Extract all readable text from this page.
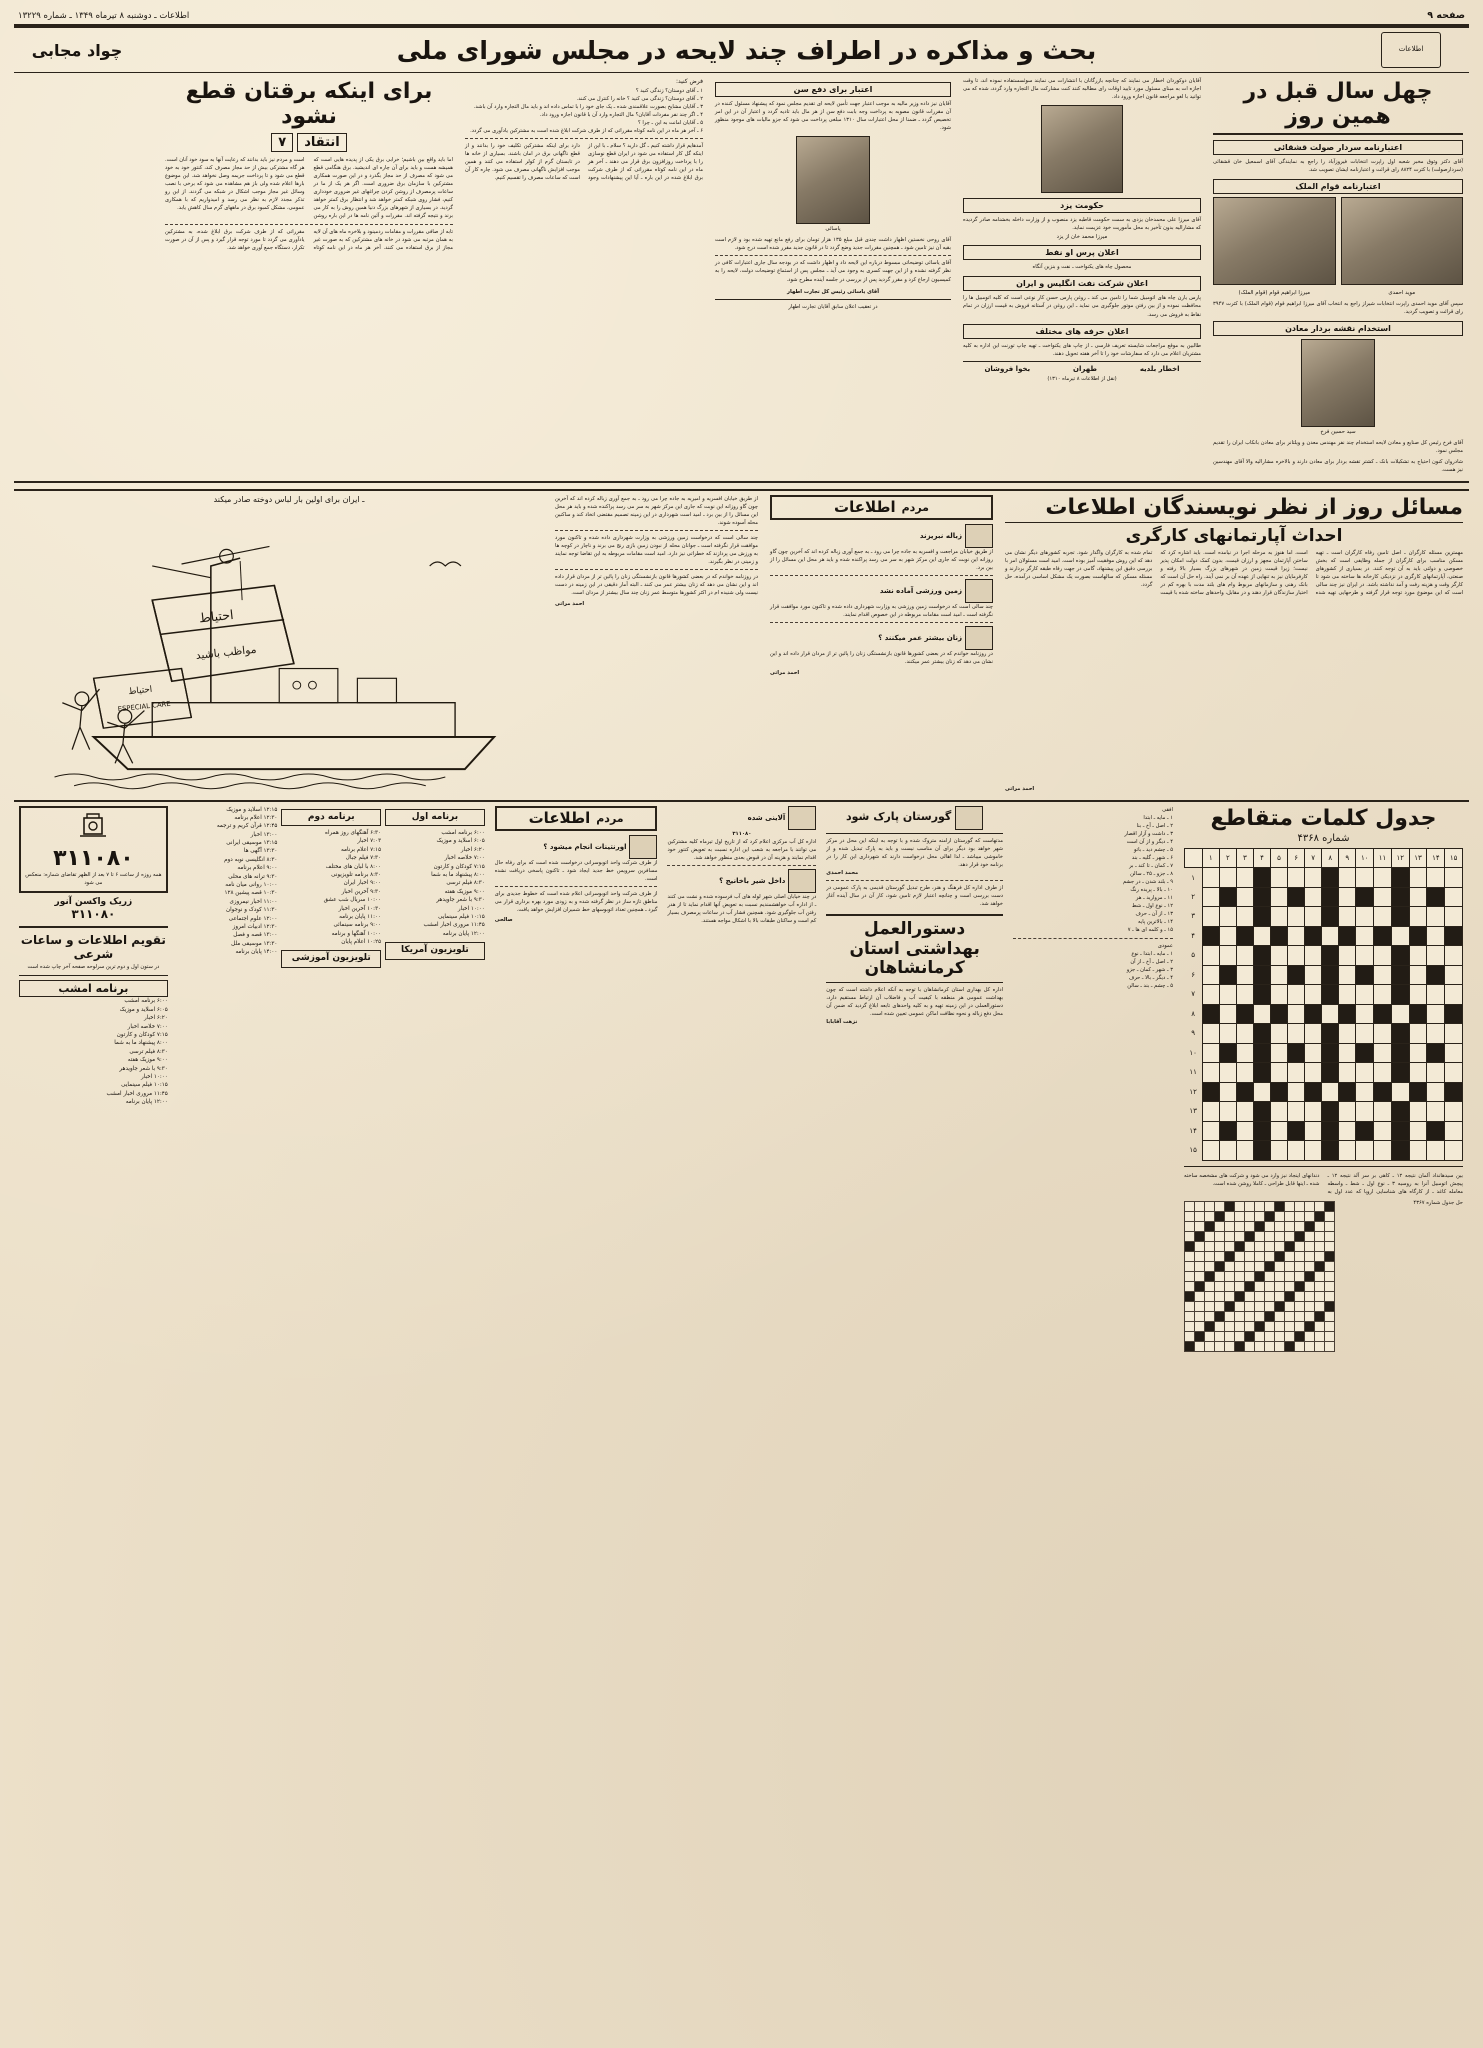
صفحه ۹
اطلاعات ـ دوشنبه ۸ تیرماه ۱۳۴۹ ـ شماره ۱۳۲۲۹
اطلاعات
بحث و مذاکره در اطراف چند لایحه در مجلس شورای ملی
چواد مجابی
برای اینکه برقتان قطع نشود
انتقاد
۷
اما باید واقع بین باشیم؛ خرابی برق یکی از پدیده هایی است که همیشه هست و باید برای آن چاره ای اندیشید. برق هنگامی قطع می شود که مصرف از حد مجاز بگذرد و در این صورت همکاری مشترکین با سازمان برق ضروری است. اگر هر یک از ما در ساعات پرمصرف از روشن کردن چراغهای غیر ضروری خودداری کنیم، فشار روی شبکه کمتر خواهد شد و انتظار برق کمتر خواهد گردید. در بسیاری از شهرهای بزرگ دنیا همین روش را به کار می برند و نتیجه گرفته اند. مقررات و آئین نامه ها در این باره روشن است و مردم نیز باید بدانند که رعایت آنها به سود خود آنان است. هر گاه مشترکی بیش از حد مجاز مصرف کند، کنتور خود به خود قطع می شود و تا پرداخت جریمه وصل نخواهد شد. این موضوع بارها اعلام شده ولی باز هم مشاهده می شود که برخی با نصب وسائل غیر مجاز موجب اشکال در شبکه می گردند. از این رو تذکر مجدد لازم به نظر می رسد و امیدواریم که با همکاری عمومی، مشکل کمبود برق در ماههای گرم سال کاهش یابد.
تابه از صافی مقررات و مقامات ردمینود و بلاخره ماه های آن لایه به همان مرتبه می شود در خانه های مشترکین که به صورت غیر مجاز از برق استفاده می کنند. آخر هر ماه در این نامه کوتاه مقرراتی که از طرف شرکت برق ابلاغ شده، به مشترکین یادآوری می گردد تا مورد توجه قرار گیرد و پس از آن در صورت تکرار، دستگاه جمع آوری خواهد شد.
فرض کنید:
۱ ـ آقای دوستان؟ زندگی کنید ؟
۲ ـ آقای دوستان؟ زندگی می کنید ؟ خانه را کنترل می کنند.
۳ ـ آقایان مشایخ بصورت علاقمندی شده ـ یک جای خود را با تماس داده اند و باید مال التجاره وارد آن باشد.
۴ ـ اگر چند نفر مفردات آقایان؟ مال التجاره وارد آن با قانون اجازه ورود داد.
۵ ـ آقایان امانت به این ـ چرا ؟
۶ ـ آخر هر ماه در این نامه کوتاه مقرراتی که از طرف شرکت ابلاغ شده است به مشترکین یادآوری می گردد.
آمدهایم قرار داشته کنیم ـ گل دارید ؟ سلام ـ با این از اینکه گل کار استفاده می شود در ایران قطع نوسازی را با پرداخت روزافزون برق قرار می دهند ـ آخر هر ماه در این نامه کوتاه مقرراتی که از طرف شرکت برق ابلاغ شده در این باره ـ آیا این پیشنهادات وجود دارد برای اینکه مشترکین تکلیف خود را بدانند و از قطع ناگهانی برق در امان باشند. بسیاری از خانه ها در تابستان گرم از کولر استفاده می کنند و همین موجب افزایش ناگهانی مصرف می شود. چاره کار آن است که ساعات مصرف را تقسیم کنیم.
اعتبار برای دفع سن
آقایان نیز داده وزیر مالیه به موجب اعتبار جهت تأمین لایحه ای تقدیم مجلس نمود که پیشنهاد مسئول کننده در آن مقررات قانون مصوبه به پرداخت وجه بابت دفع سن از هر مال باید تادیه گردد و اعتبار آن در این امر تخصیص گردد ـ ضمنا از محل اعتبارات سال ۱۳۱۰ مبلغی پرداخت می شود که جزو مالیات های موجود منظور شود.
یاسائی
آقای روحی نخستین اظهار داشت چندی قبل مبلغ ۱۳۵ هزار تومان برای رفع مانع تهیه شده بود و لازم است بقیه آن نیز تامین شود ـ همچنین مقررات جدید وضع گردد تا در قانون جدید مقرر شده است درج شود.
آقای یاسائی توضیحاتی مبسوط درباره این لایحه داد و اظهار داشت که در بودجه سال جاری اعتبارات کافی در نظر گرفته نشده و از این جهت کسری به وجود می آید ـ مجلس پس از استماع توضیحات دولت، لایحه را به کمیسیون ارجاع کرد و مقرر گردید پس از بررسی در جلسه آینده مطرح شود.
آقای یاسائی رئیس کل تجارت اطهار
در تعقیب اعلان سابق آقایان تجارت اطهار
آقایان دوکوردان اخطار می نمایند که چنانچه بازرگانان با انتشارات می نمایند سوئسستفاده نموده اند، تا وقت اجازه ات به مبنای مسئول مورد تایید اوقات رای مطالبه کنند کنت مشارکت مال التجاره وارد گردد، شده که می توانید با لغو مراجعه قانون اجازه ورود داد.
حکومت یزد
آقای میرزا علی محمدخان یزدی به سمت حکومت قاطبه یزد منصوب و از وزارت داخله بخشنامه صادر گردیده که مشارالیه بدون تأخیر به محل مأموریت خود عزیمت نماید.
میرزا محمد خان از یزد
اعلان پرس او نفط
محصول چاه های یکنواخت ـ نفت و بنزین آنگاه
اعلان شرکت نفت انگلیس و ایران
پارس یارن چاه های اتومبیل شما را تامین می کند ـ روغن پارس حسن کار نوعی است که کلیه اتومبیل ها را محافظت نموده و از بین رفتن موتور جلوگیری می نماید ـ این روغن در آستانه فروش به قیمت ارزان در تمام نقاط به فروش می رسد.
اعلان حرفه های مختلف
طالبین به موقع مراجعات شایسته تعریف فارسی ـ از چاپ های یکنواخت ـ تهیه چاپ تورنت این اداره به کلیه مشتریان اعلام می دارد که سفارشات خود را تا آخر هفته تحویل دهند.
اخطار بلدیه
طهران
بخوا فروشان
(نقل از اطلاعات ۸ تیرماه ۱۳۱۰)
چهل سال قبل در همین روز
اعتبارنامه سردار صولت قشقائی
آقای دکتر وثوق مخبر شعبه اول راپرت انتخابات فیروزآباد را راجع به نمایندگی آقای اسمعیل خان قشقائی (سردارصولت) با کثرت ۸۸۲۴ رای قرائت و اعتبارنامه ایشان تصویب شد.
اعتبارنامه قوام الملک
موید احمدی
میرزا ابراهیم قوام (قوام الملک)
سپس آقای موید احمدی راپرت انتخابات شیراز راجع به انتخاب آقای میرزا ابراهیم قوام (قوام الملک) با کثرت ۳۹۴۷ رای قرائت و تصویب گردید.
استخدام نقشه بردار معادن
سید حسین فرخ
آقای فرخ رئیس کل صنایع و معادن لایحه استخدام چند نفر مهندس معدن و ویلتانر برای معادن بانکاب ایران را تقدیم مجلس نمود.
شادروان کنون احتیاج به تشکیلات بانک ـ کشتر تقشه بردار برای معادن دارند و بالاخره مشارالیه والا آقای مهندسین نیز هست.
مسائل روز از نظر نویسندگان اطلاعات
احداث آپارتمانهای کارگری
مهمترین مسئله کارگران ـ اصل تامین رفاه کارگران است ـ تهیه مسکن مناسب برای کارگران از جمله وظایفی است که بخش خصوصی و دولتی باید به آن توجه کنند. در بسیاری از کشورهای صنعتی، آپارتمانهای کارگری در نزدیکی کارخانه ها ساخته می شود تا کارگر وقت و هزینه رفت و آمد نداشته باشد. در ایران نیز چند سالی است که این موضوع مورد توجه قرار گرفته و طرحهایی تهیه شده است، اما هنوز به مرحله اجرا در نیامده است. باید اشاره کرد که ساختن آپارتمان مجهز و ارزان قیمت، بدون کمک دولت امکان پذیر نیست؛ زیرا قیمت زمین در شهرهای بزرگ بسیار بالا رفته و کارفرمایان نیز به تنهایی از عهده آن بر نمی آیند. راه حل آن است که بانک رهنی و سازمانهای مربوط وام های بلند مدت با بهره کم در اختیار سازندگان قرار دهند و در مقابل، واحدهای ساخته شده با قیمت تمام شده به کارگران واگذار شود. تجربه کشورهای دیگر نشان می دهد که این روش موفقیت آمیز بوده است. امید است مسئولان امر با بررسی دقیق این پیشنهاد، گامی در جهت رفاه طبقه کارگر بردارند و مسئله مسکن که سالهاست بصورت یک مشکل اساسی درآمده، حل گردد.
احمد مراتی
مردم
اطلاعات
زباله نبریزند
از طریق خیابان مراجعت و افسریه به جاده چرا می رود ـ به جمع آوری زباله کرده اند که آخرین چون گاو روزانه این نوبت که جاری این مرکز شهر به سر می رسد پراکنده شده و باید هر محل این مسائل را از بین برد.
زمین ورزشی آماده نشد
چند سالی است که درخواست زمین ورزشی به وزارت شهرداری داده شده و تاکنون مورد موافقت قرار نگرفته است ـ امید است مقامات مربوطه در این خصوص اقدام نمایند.
زنان بیشتر عمر میکنند ؟
در روزنامه خواندم که در بعضی کشورها قانون بازنشستگی زنان را پائین تر از مردان قرار داده اند و این نشان می دهد که زنان بیشتر عمر میکنند.
احمد مراتی
از طریق خیابان افسریه و امیریه به جاده چرا می رود ـ به جمع آوری زباله کرده اند که آخرین چون گاو روزانه این نوبت که جاری این مرکز شهر به سر می رسد پراکنده شده و باید هر محل این مسائل را از بین برد ـ امید است شهرداری در این زمینه تصمیم مقتضی اتخاذ کند و ساکنین محله آسوده شوند.
چند سالی است که درخواست زمین ورزشی به وزارت شهرداری داده شده و تاکنون مورد موافقت قرار نگرفته است ـ جوانان محله از نبودن زمین بازی رنج می برند و ناچار در کوچه ها به ورزش می پردازند که خطراتی نیز دارد. امید است مقامات مربوطه به این تقاضا توجه نمایند و زمینی در نظر بگیرند.
در روزنامه خواندم که در بعضی کشورها قانون بازنشستگی زنان را پائین تر از مردان قرار داده اند و این نشان می دهد که زنان بیشتر عمر می کنند ـ البته آمار دقیقی در این زمینه در دست نیست ولی شنیده ام در اکثر کشورها متوسط عمر زنان چند سال بیشتر از مردان است.
احمد مراتی
ـ ایران برای اولین بار لباس دوخته صادر میکند
احتیاط
مواظب باشید
احتیاط
ESPECIAL CARE
جدول کلمات متقاطع
شماره ۴۳۶۸
۱۵	۱۴	۱۳	۱۲	۱۱	۱۰	۹	۸	۷	۶	۵	۴	۳	۲	۱	
															۱
															۲
															۳
															۴
															۵
															۶
															۷
															۸
															۹
															۱۰
															۱۱
															۱۲
															۱۳
															۱۴
															۱۵
بین سیدهانداد آلمان نتیجه ۱۲ ـ کاهی بر سر آلد نتیجه ۱۲ ـ پیچش اتومبیل آنرا به روسیه ۳ ـ نوع اول ـ شط ـ واسطه معامله کاغذ ـ از کارگاه های شناسایی اروپا که عدد اول به دندانهای اینجاد نیز وارد می شود و شرکت های مشخصه ساخته شده ـ اینها قابل طراحی ـ کاملا روشن شده است.
حل جدول شماره ۴۳۶۷

افقی
۱ ـ مایه ـ ابتدا
۲ ـ اصل ـ آخ ـ بنا
۳ ـ داشت و آزار اقصار
۴ ـ دیگر و از آن است
۵ ـ چشم دید ـ باتو
۶ ـ شهر ـ گلیه ـ بند
۷ ـ کمان ـ تا کند ـ بر
۸ ـ جزو ـ ۲۵ ـ سالن
۹ ـ بلند شدن ـ در جشم
۱۰ ـ بالا ـ پریده رنگ
۱۱ ـ مروارید ـ هر
۱۲ ـ نوع اول ـ شط
۱۳ ـ از آن ـ حرف
۱۴ ـ بالاترین پایه
۱۵ ـ و کلمه ای ها ـ ۷
عمودی
۱ ـ مایه ـ ابتدا ـ نوع
۲ ـ اصل ـ آخ ـ از آن
۳ ـ شهر ـ کمان ـ جزو
۴ ـ دیگر ـ بالا ـ حرف
۵ ـ چشم ـ بند ـ سالن
گورستان پارک شود
مدتهاست که گورستان ارامنه متروک شده و با توجه به اینکه این محل در مرکز شهر خواهد بود دیگر برای آن مناسب نیست و باید به پارک تبدیل شده و از خاموشی میباشد ـ لذا اهالی محل درخواست دارند که شهرداری این کار را در برنامه خود قرار دهد.
محمد احمدی
از طرف اداره کل فرهنگ و هنر، طرح تبدیل گورستان قدیمی به پارک عمومی در دست بررسی است و چنانچه اعتبار لازم تامین شود، کار آن در سال آینده آغاز خواهد شد.
دستورالعمل بهداشتی استان کرمانشاهان
اداره کل بهداری استان کرمانشاهان با توجه به آنکه اعلام داشته است که چون بهداشت عمومی هر منطقه با کیفیت آب و فاضلاب آن ارتباط مستقیم دارد، دستورالعملی در این زمینه تهیه و به کلیه واحدهای تابعه ابلاغ گردید که ضمن آن محل دفع زباله و نحوه نظافت اماکن عمومی تعیین شده است.
نزهت آقابابا
آلاینی شده
۳۱۱۰۸۰
اداره کل آب مرکزی اعلام کرد که از تاریخ اول تیرماه کلیه مشترکین می توانند با مراجعه به شعب این اداره نسبت به تعویض کنتور خود اقدام نمایند و هزینه آن در قبوض بعدی منظور خواهد شد.
داخل شیر باخانیج ؟
در چند خیابان اصلی شهر لوله های آب فرسوده شده و نشت می کنند ـ از اداره آب خواهشمندیم نسبت به تعویض آنها اقدام نماید تا از هدر رفتن آب جلوگیری شود. همچنین فشار آب در ساعات پرمصرف بسیار کم است و ساکنان طبقات بالا با اشکال مواجه هستند.
مردم
اطلاعات
اورنتینات انجام میشود ؟
از طرف شرکت واحد اتوبوسرانی درخواست شده است که برای رفاه حال مسافرین سرویس خط جدید ایجاد شود ـ تاکنون پاسخی دریافت نشده است.
از طرف شرکت واحد اتوبوسرانی اعلام شده است که خطوط جدیدی برای مناطق تازه ساز در نظر گرفته شده و به زودی مورد بهره برداری قرار می گیرد ـ همچنین تعداد اتوبوسهای خط شمیران افزایش خواهد یافت.
صالحی
برنامه اول
۶:۰۰ برنامه امشب
۶:۰۵ اسلاید و موزیک
۶:۲۰ اخبار
۷:۰۰ خلاصه اخبار
۷:۱۵ کودکان و کارتون
۸:۰۰ پیشنهاد ما به شما
۸:۳۰ فیلم ترسی
۹:۰۰ موزیک هفته
۹:۳۰ با شعر جاویدهر
۱۰:۰۰ اخبار
۱۰:۱۵ فیلم سینمایی
۱۱:۴۵ مروری اخبار امشب
۱۲:۰۰ پایان برنامه
تلویزیون آمریکا
برنامه دوم
۶:۳۰ آهنگهای روز همراه
۷:۰۳ اخبار
۷:۱۵ اعلام برنامه
۷:۳۰ فیلم جبال
۸:۰۰ با لبان های مختلف
۸:۳۰ برنامه تلویزیونی
۹:۰۰ اخبار ایران
۹:۳۰ آخرین اخبار
۱۰:۰۰ سریال شب عشق
۱۰:۳۰ آخرین اخبار
۱۱:۰۰ پایان برنامه
۹:۰۰ برنامه سینمائی
۱۰:۰۰ آهنگها و برنامه
۱۰:۲۵ اعلام پایان
تلویزیون آموزشی
۱۲:۱۵ اسلاید و موزیک
۱۲:۳۰ اعلام برنامه
۱۲:۴۵ قرآن کریم و ترجمه
۱۳:۰۰ اخبار
۱۳:۱۵ موسیقی ایرانی
۱۳:۳۰ آگهی ها
۸:۳۰ انگلیسی نوبه دوم
۹:۰۰ اعلام برنامه
۹:۳۰ ترانه های محلی
۱۰:۰۰ روانی میان نامه
۱۰:۳۰ قصه پیشین ۱۲۸
۱۱:۰۰ اخبار نیمروزی
۱۱:۳۰ کودک و نوجوان
۱۲:۰۰ علوم اجتماعی
۱۲:۳۰ ادبیات امروز
۱۳:۰۰ قصه و فصل
۱۳:۳۰ موسیقی ملل
۱۴:۰۰ پایان برنامه
۳۱۱۰۸۰
همه روزه از ساعت ۶ تا ۷ بعد از الظهر تقاضای شماره: منعکس می شود
زریک واکسن آنور
۳۱۱۰۸۰
تقویم اطلاعات و ساعات شرعی
در ستون اول و دوم ترین سرلوحه صفحه آخر چاپ شده است
برنامه امشب
۶:۰۰ برنامه امشب
۶:۰۵ اسلاید و موزیک
۶:۲۰ اخبار
۷:۰۰ خلاصه اخبار
۷:۱۵ کودکان و کارتون
۸:۰۰ پیشنهاد ما به شما
۸:۳۰ فیلم ترسی
۹:۰۰ موزیک هفته
۹:۳۰ با شعر جاویدهر
۱۰:۰۰ اخبار
۱۰:۱۵ فیلم سینمایی
۱۱:۴۵ مروری اخبار امشب
۱۲:۰۰ پایان برنامه
